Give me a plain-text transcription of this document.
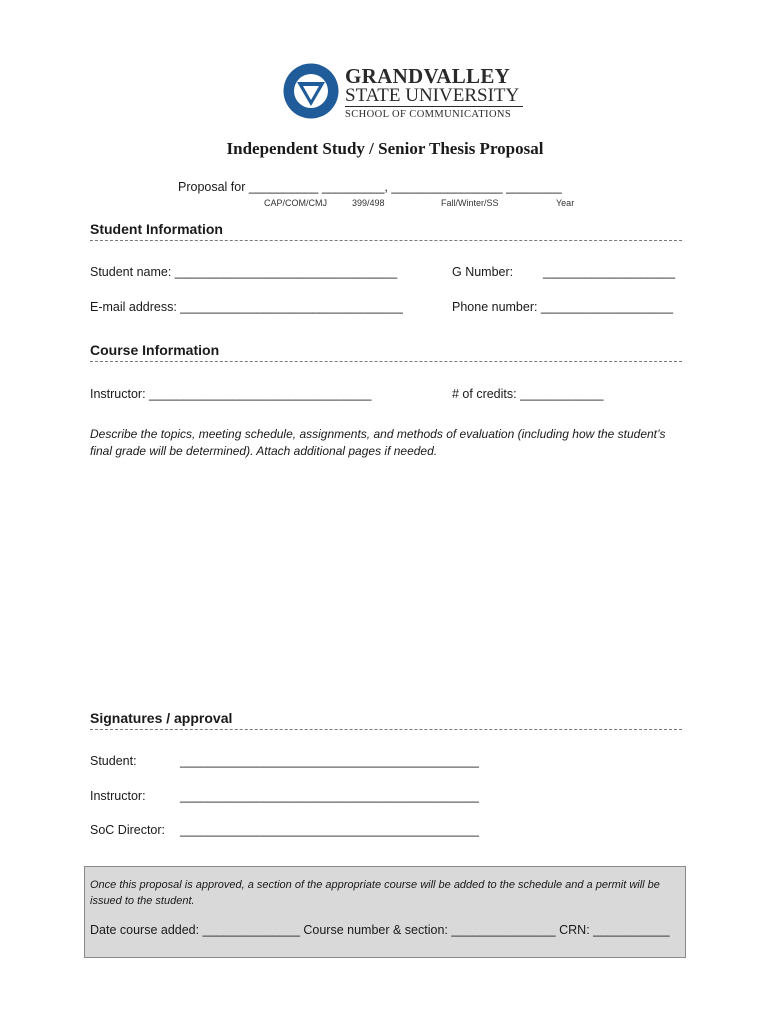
GRANDVALLEY
STATE UNIVERSITY
SCHOOL OF COMMUNICATIONS
Independent Study / Senior Thesis Proposal
Proposal for __________ _________, ________________ ________
CAP/COM/CMJ	399/498	Fall/Winter/SS	Year
Student Information
Student name: ________________________________	G Number: ___________________
E-mail address: ________________________________	Phone number: ___________________
Course Information
Instructor: ________________________________	# of credits: ____________
Describe the topics, meeting schedule, assignments, and methods of evaluation (including how the student’s final grade will be determined). Attach additional pages if needed.
Signatures / approval
Student:	___________________________________________
Instructor:	___________________________________________
SoC Director: ___________________________________________
Once this proposal is approved, a section of the appropriate course will be added to the schedule and a permit will be issued to the student.
Date course added: ______________ Course number & section: _______________ CRN: ___________
